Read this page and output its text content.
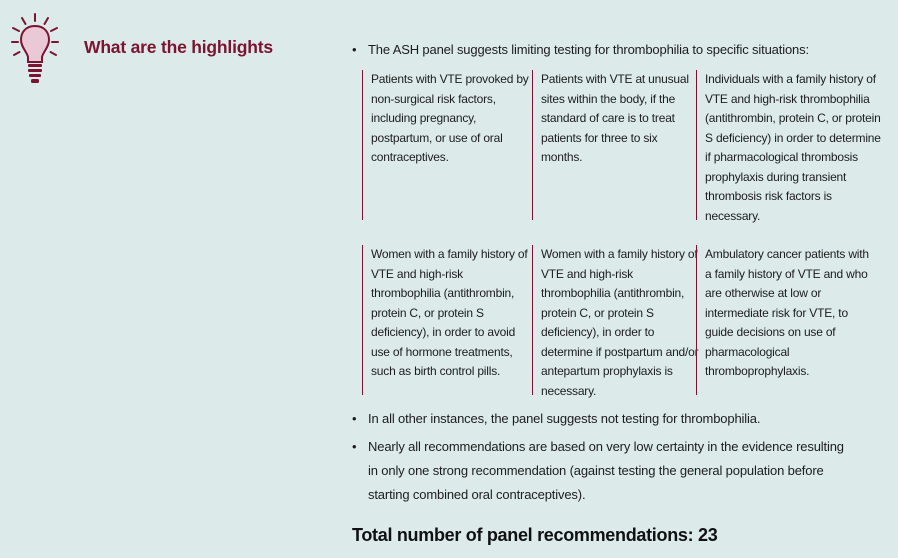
What are the highlights	• The ASH panel suggests limiting testing for thrombophilia to specific situations:
Patients with VTE provoked by non-surgical risk factors, including pregnancy, postpartum, or use of oral contraceptives.
Patients with VTE at unusual sites within the body, if the standard of care is to treat patients for three to six months.
Individuals with a family history of VTE and high-risk thrombophilia (antithrombin, protein C, or protein S deficiency) in order to determine if pharmacological thrombosis prophylaxis during transient thrombosis risk factors is necessary.
Women with a family history of VTE and high-risk thrombophilia (antithrombin, protein C, or protein S deficiency), in order to avoid use of hormone treatments, such as birth control pills.
Women with a family history of VTE and high-risk thrombophilia (antithrombin, protein C, or protein S deficiency), in order to determine if postpartum and/or antepartum prophylaxis is necessary.
Ambulatory cancer patients with a family history of VTE and who are otherwise at low or intermediate risk for VTE, to guide decisions on use of pharmacological thromboprophylaxis.
• In all other instances, the panel suggests not testing for thrombophilia.
• Nearly all recommendations are based on very low certainty in the evidence resulting in only one strong recommendation (against testing the general population before starting combined oral contraceptives).
Total number of panel recommendations: 23
